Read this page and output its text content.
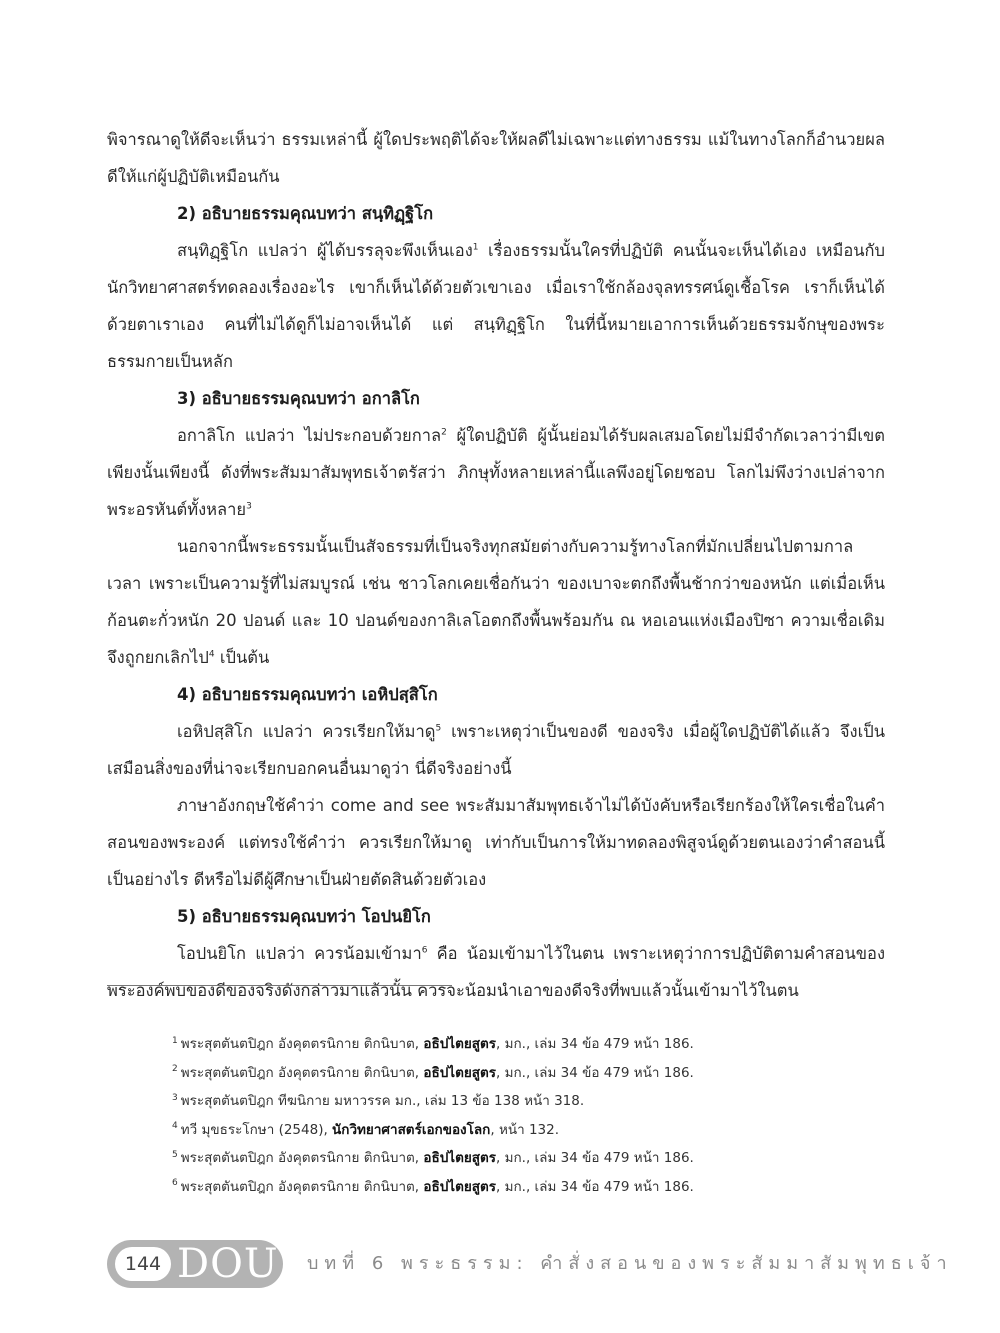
พิจารณาดูให้ดีจะเห็นว่า ธรรมเหล่านี้ ผู้ใดประพฤติได้จะให้ผลดีไม่เฉพาะแต่ทางธรรม แม้ในทางโลกก็อำนวยผลดีให้แก่ผู้ปฏิบัติเหมือนกัน

2) อธิบายธรรมคุณบทว่า สนฺทิฏฺฐิโก

สนฺทิฏฺฐิโก แปลว่า ผู้ได้บรรลุจะพึงเห็นเอง$^1$ เรื่องธรรมนั้นใครที่ปฏิบัติ คนนั้นจะเห็นได้เอง เหมือนกับนักวิทยาศาสตร์ทดลองเรื่องอะไร เขาก็เห็นได้ด้วยตัวเขาเอง เมื่อเราใช้กล้องจุลทรรศน์ดูเชื้อโรค เราก็เห็นได้ด้วยตาเราเอง คนที่ไม่ได้ดูก็ไม่อาจเห็นได้ แต่ สนฺทิฏฺฐิโก ในที่นี้หมายเอาการเห็นด้วยธรรมจักษุของพระธรรมกายเป็นหลัก

3) อธิบายธรรมคุณบทว่า อกาลิโก

อกาลิโก แปลว่า ไม่ประกอบด้วยกาล$^2$ ผู้ใดปฏิบัติ ผู้นั้นย่อมได้รับผลเสมอโดยไม่มีจำกัดเวลาว่ามีเขตเพียงนั้นเพียงนี้ ดังที่พระสัมมาสัมพุทธเจ้าตรัสว่า ภิกษุทั้งหลายเหล่านี้แลพึงอยู่โดยชอบ โลกไม่พึงว่างเปล่าจากพระอรหันต์ทั้งหลาย$^3$

นอกจากนี้พระธรรมนั้นเป็นสัจธรรมที่เป็นจริงทุกสมัยต่างกับความรู้ทางโลกที่มักเปลี่ยนไปตามกาลเวลา เพราะเป็นความรู้ที่ไม่สมบูรณ์ เช่น ชาวโลกเคยเชื่อกันว่า ของเบาจะตกถึงพื้นช้ากว่าของหนัก แต่เมื่อเห็นก้อนตะกั่วหนัก 20 ปอนด์ และ 10 ปอนด์ของกาลิเลโอตกถึงพื้นพร้อมกัน ณ หอเอนแห่งเมืองปิซา ความเชื่อเดิมจึงถูกยกเลิกไป$^4$ เป็นต้น

4) อธิบายธรรมคุณบทว่า เอหิปสฺสิโก

เอหิปสฺสิโก แปลว่า ควรเรียกให้มาดู$^5$ เพราะเหตุว่าเป็นของดี ของจริง เมื่อผู้ใดปฏิบัติได้แล้ว จึงเป็นเสมือนสิ่งของที่น่าจะเรียกบอกคนอื่นมาดูว่า นี่ดีจริงอย่างนี้

ภาษาอังกฤษใช้คำว่า come and see พระสัมมาสัมพุทธเจ้าไม่ได้บังคับหรือเรียกร้องให้ใครเชื่อในคำสอนของพระองค์ แต่ทรงใช้คำว่า ควรเรียกให้มาดู เท่ากับเป็นการให้มาทดลองพิสูจน์ดูด้วยตนเองว่าคำสอนนี้เป็นอย่างไร ดีหรือไม่ดีผู้ศึกษาเป็นฝ่ายตัดสินด้วยตัวเอง

5) อธิบายธรรมคุณบทว่า โอปนยิโก

โอปนยิโก แปลว่า ควรน้อมเข้ามา$^6$ คือ น้อมเข้ามาไว้ในตน เพราะเหตุว่าการปฏิบัติตามคำสอนของพระองค์พบของดีของจริงดังกล่าวมาแล้วนั้น ควรจะน้อมนำเอาของดีจริงที่พบแล้วนั้นเข้ามาไว้ในตน

$^1$ พระสุตตันตปิฎก อังคุตตรนิกาย ติกนิบาต, อธิปไตยสูตร, มก., เล่ม 34 ข้อ 479 หน้า 186.

$^2$ พระสุตตันตปิฎก อังคุตตรนิกาย ติกนิบาต, อธิปไตยสูตร, มก., เล่ม 34 ข้อ 479 หน้า 186.

$^3$ พระสุตตันตปิฎก ทีฆนิกาย มหาวรรค มก., เล่ม 13 ข้อ 138 หน้า 318.

$^4$ ทวี มุขธระโกษา (2548), นักวิทยาศาสตร์เอกของโลก, หน้า 132.

$^5$ พระสุตตันตปิฎก อังคุตตรนิกาย ติกนิบาต, อธิปไตยสูตร, มก., เล่ม 34 ข้อ 479 หน้า 186.

$^6$ พระสุตตันตปิฎก อังคุตตรนิกาย ติกนิบาต, อธิปไตยสูตร, มก., เล่ม 34 ข้อ 479 หน้า 186.

144 DOU บทที่ 6 พระธรรม: คำสั่งสอนของพระสัมมาสัมพุทธเจ้า
